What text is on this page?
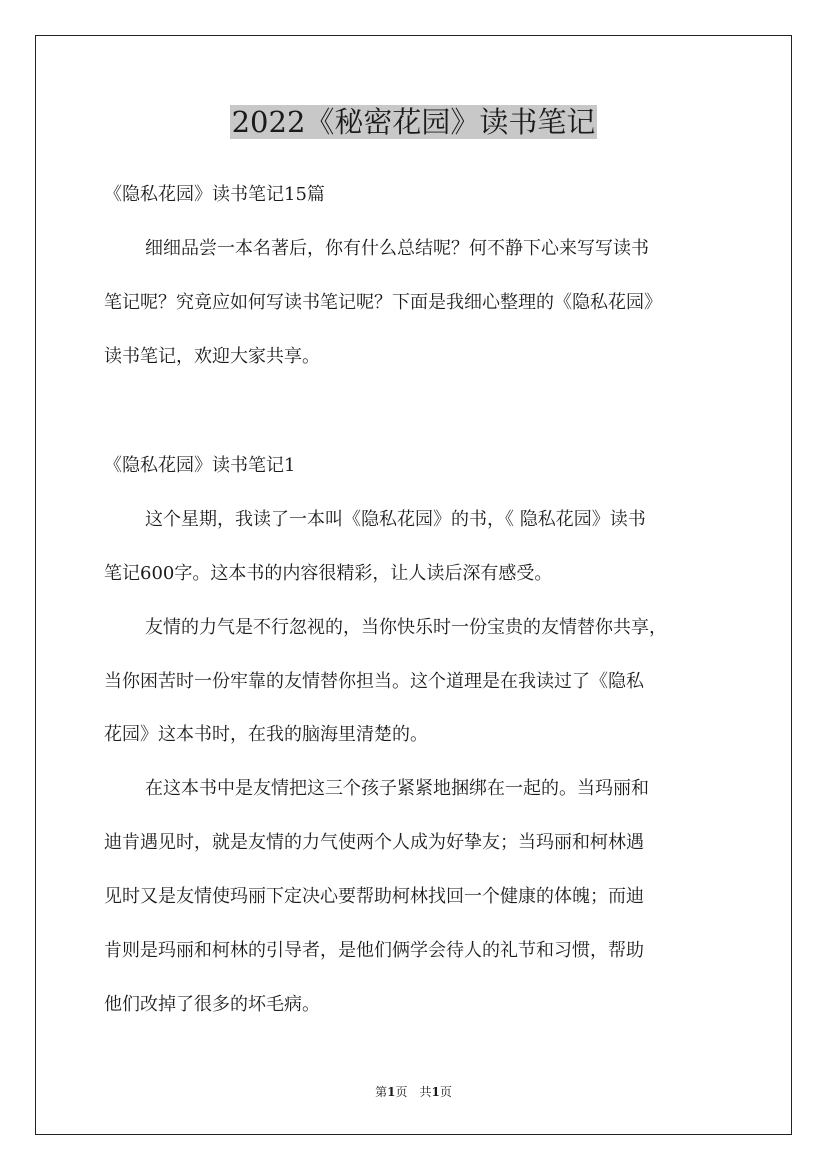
2022《秘密花园》读书笔记

《隐私花园》读书笔记15篇

细细品尝一本名著后，你有什么总结呢？何不静下心来写写读书

笔记呢？究竟应如何写读书笔记呢？下面是我细心整理的《隐私花园》

读书笔记，欢迎大家共享。

《隐私花园》读书笔记1

这个星期，我读了一本叫《隐私花园》的书，《 隐私花园》读书

笔记600字。这本书的内容很精彩，让人读后深有感受。

友情的力气是不行忽视的，当你快乐时一份宝贵的友情替你共享，

当你困苦时一份牢靠的友情替你担当。这个道理是在我读过了《隐私

花园》这本书时，在我的脑海里清楚的。

在这本书中是友情把这三个孩子紧紧地捆绑在一起的。当玛丽和

迪肯遇见时，就是友情的力气使两个人成为好挚友；当玛丽和柯林遇

见时又是友情使玛丽下定决心要帮助柯林找回一个健康的体魄；而迪

肯则是玛丽和柯林的引导者，是他们俩学会待人的礼节和习惯，帮助

他们改掉了很多的坏毛病。

第1页　共1页
